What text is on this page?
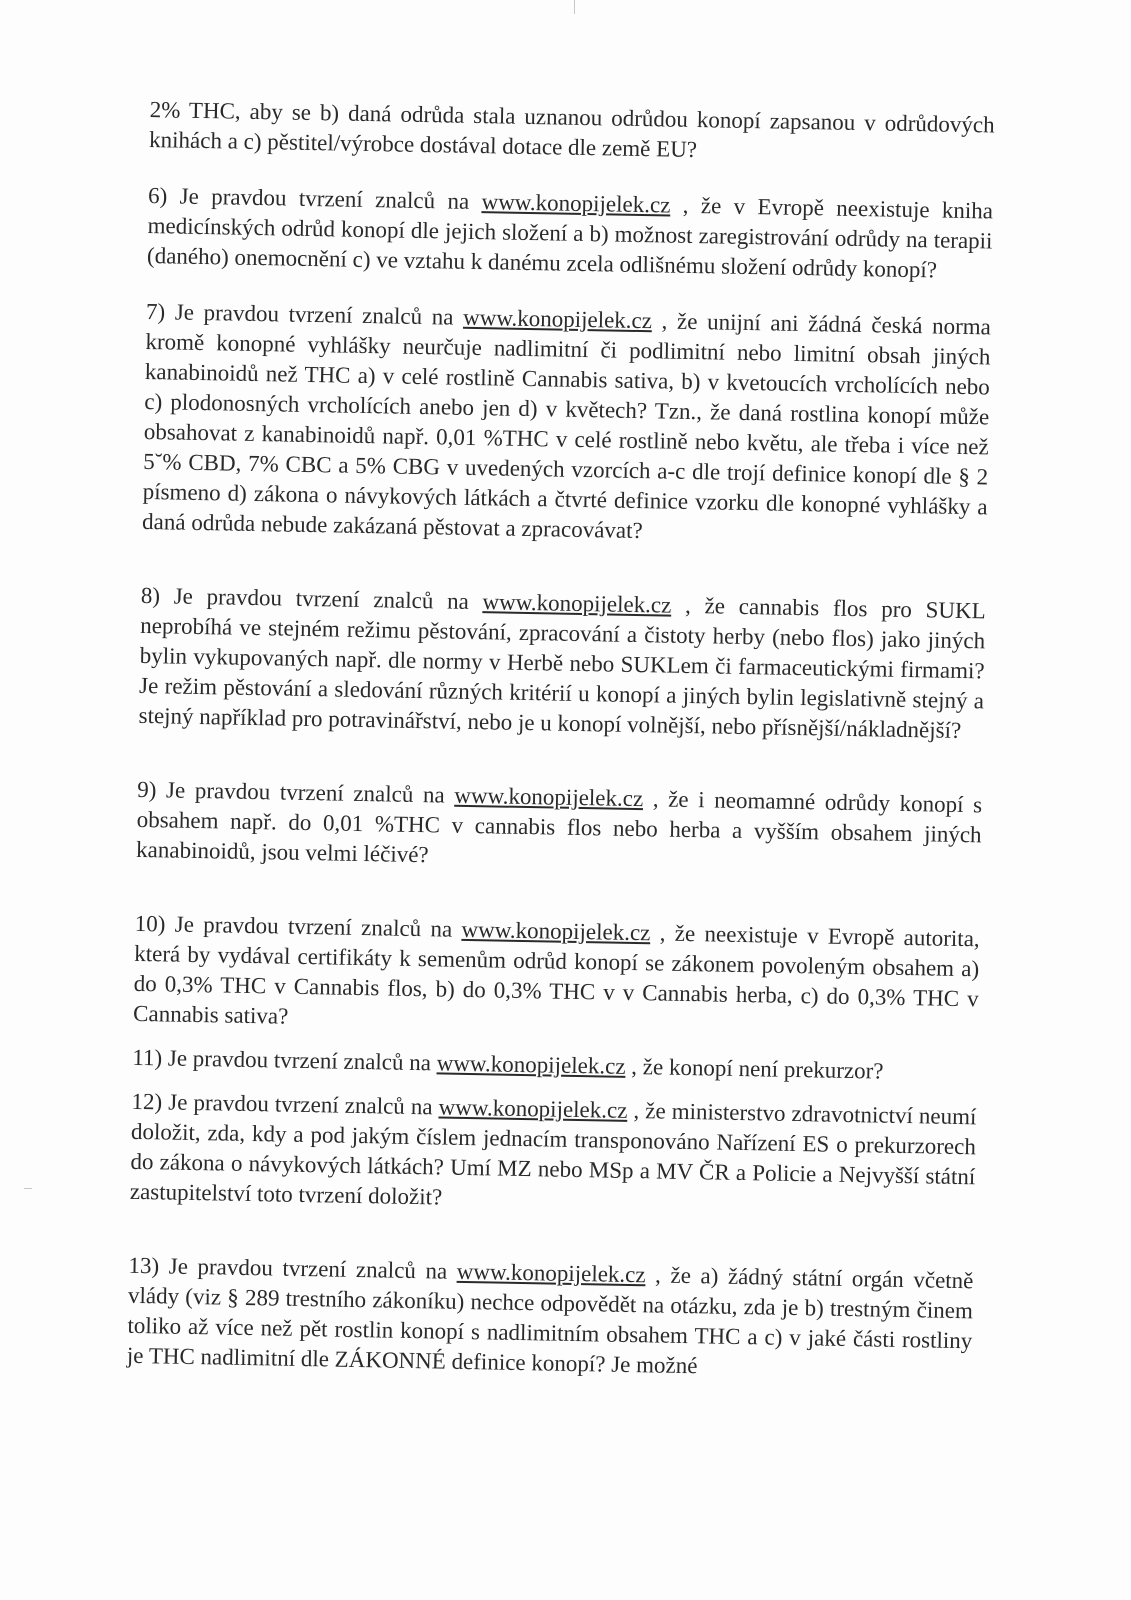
2% THC, aby se b) daná odrůda stala uznanou odrůdou konopí zapsanou v odrůdových knihách a c) pěstitel/výrobce dostával dotace dle země EU?

6) Je pravdou tvrzení znalců na www.konopijelek.cz , že v Evropě neexistuje kniha medicínských odrůd konopí dle jejich složení a b) možnost zaregistrování odrůdy na terapii (daného) onemocnění c) ve vztahu k danému zcela odlišnému složení odrůdy konopí?

7) Je pravdou tvrzení znalců na www.konopijelek.cz , že unijní ani žádná česká norma kromě konopné vyhlášky neurčuje nadlimitní či podlimitní nebo limitní obsah jiných kanabinoidů než THC a) v celé rostlině Cannabis sativa, b) v kvetoucích vrcholících nebo c) plodonosných vrcholících anebo jen d) v květech? Tzn., že daná rostlina konopí může obsahovat z kanabinoidů např. 0,01 %THC v celé rostlině nebo květu, ale třeba i více než 5˘% CBD, 7% CBC a 5% CBG v uvedených vzorcích a-c dle trojí definice konopí dle § 2 písmeno d) zákona o návykových látkách a čtvrté definice vzorku dle konopné vyhlášky a daná odrůda nebude zakázaná pěstovat a zpracovávat?

8) Je pravdou tvrzení znalců na www.konopijelek.cz , že cannabis flos pro SUKL neprobíhá ve stejném režimu pěstování, zpracování a čistoty herby (nebo flos) jako jiných bylin vykupovaných např. dle normy v Herbě nebo SUKLem či farmaceutickými firmami? Je režim pěstování a sledování různých kritérií u konopí a jiných bylin legislativně stejný a stejný například pro potravinářství, nebo je u konopí volnější, nebo přísnější/nákladnější?

9) Je pravdou tvrzení znalců na www.konopijelek.cz , že i neomamné odrůdy konopí s obsahem např. do 0,01 %THC v cannabis flos nebo herba a vyšším obsahem jiných kanabinoidů, jsou velmi léčivé?

10) Je pravdou tvrzení znalců na www.konopijelek.cz , že neexistuje v Evropě autorita, která by vydával certifikáty k semenům odrůd konopí se zákonem povoleným obsahem a) do 0,3% THC v Cannabis flos, b) do 0,3% THC v v Cannabis herba, c) do 0,3% THC v Cannabis sativa?

11) Je pravdou tvrzení znalců na www.konopijelek.cz , že konopí není prekurzor?

12) Je pravdou tvrzení znalců na www.konopijelek.cz , že ministerstvo zdravotnictví neumí doložit, zda, kdy a pod jakým číslem jednacím transponováno Nařízení ES o prekurzorech do zákona o návykových látkách? Umí MZ nebo MSp a MV ČR a Policie a Nejvyšší státní zastupitelství toto tvrzení doložit?

13) Je pravdou tvrzení znalců na www.konopijelek.cz , že a) žádný státní orgán včetně vlády (viz § 289 trestního zákoníku) nechce odpovědět na otázku, zda je b) trestným činem toliko až více než pět rostlin konopí s nadlimitním obsahem THC a c) v jaké části rostliny je THC nadlimitní dle ZÁKONNÉ definice konopí? Je možné
